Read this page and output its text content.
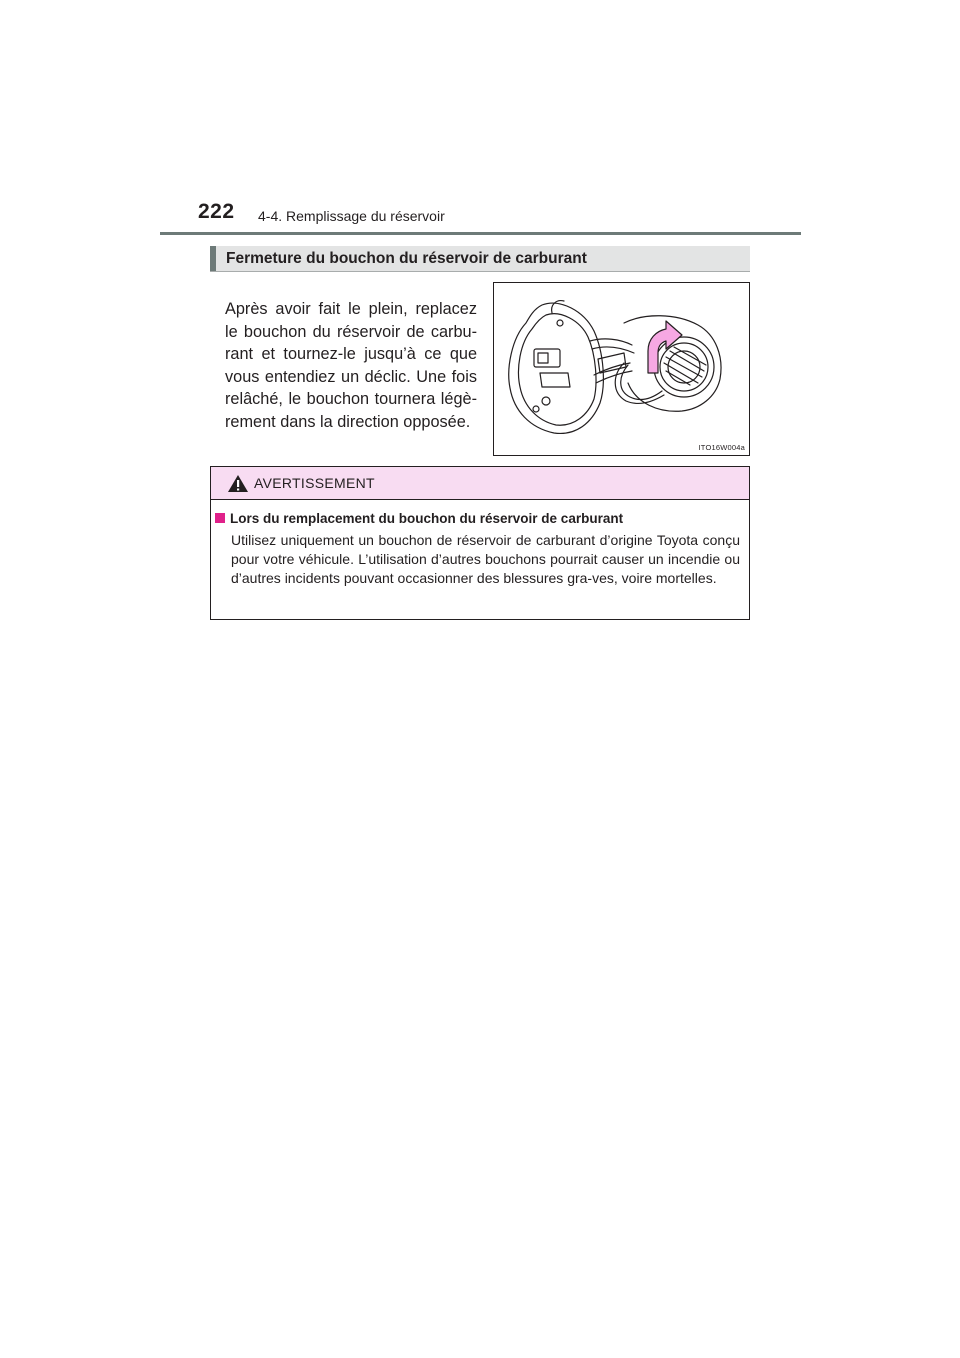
222 4-4. Remplissage du réservoir
Fermeture du bouchon du réservoir de carburant
Après avoir fait le plein, replacez le bouchon du réservoir de carbu-rant et tournez-le jusqu’à ce que vous entendiez un déclic. Une fois relâché, le bouchon tournera légè-rement dans la direction opposée.
ITO16W004a
AVERTISSEMENT
Lors du remplacement du bouchon du réservoir de carburant
Utilisez uniquement un bouchon de réservoir de carburant d’origine Toyota conçu pour votre véhicule. L’utilisation d’autres bouchons pourrait causer un incendie ou d’autres incidents pouvant occasionner des blessures gra-ves, voire mortelles.
